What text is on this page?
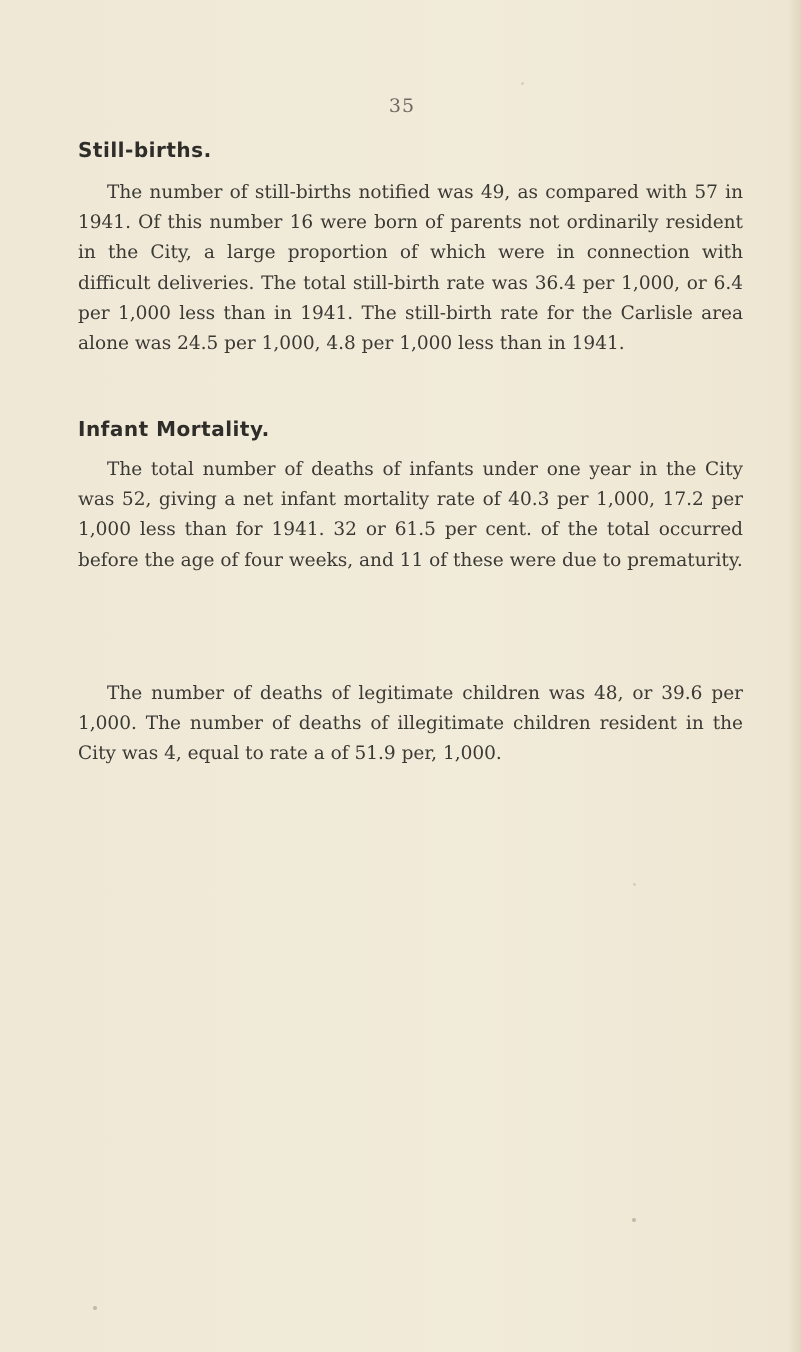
35
Still-births.
The number of still-births notified was 49, as compared with 57 in 1941. Of this number 16 were born of parents not ordinarily resident in the City, a large proportion of which were in connection with difficult deliveries. The total still-birth rate was 36.4 per 1,000, or 6.4 per 1,000 less than in 1941. The still-birth rate for the Carlisle area alone was 24.5 per 1,000, 4.8 per 1,000 less than in 1941.
Infant Mortality.
The total number of deaths of infants under one year in the City was 52, giving a net infant mortality rate of 40.3 per 1,000, 17.2 per 1,000 less than for 1941. 32 or 61.5 per cent. of the total occurred before the age of four weeks, and 11 of these were due to prematurity.
The number of deaths of legitimate children was 48, or 39.6 per 1,000. The number of deaths of illegitimate children resident in the City was 4, equal to rate a of 51.9 per, 1,000.
